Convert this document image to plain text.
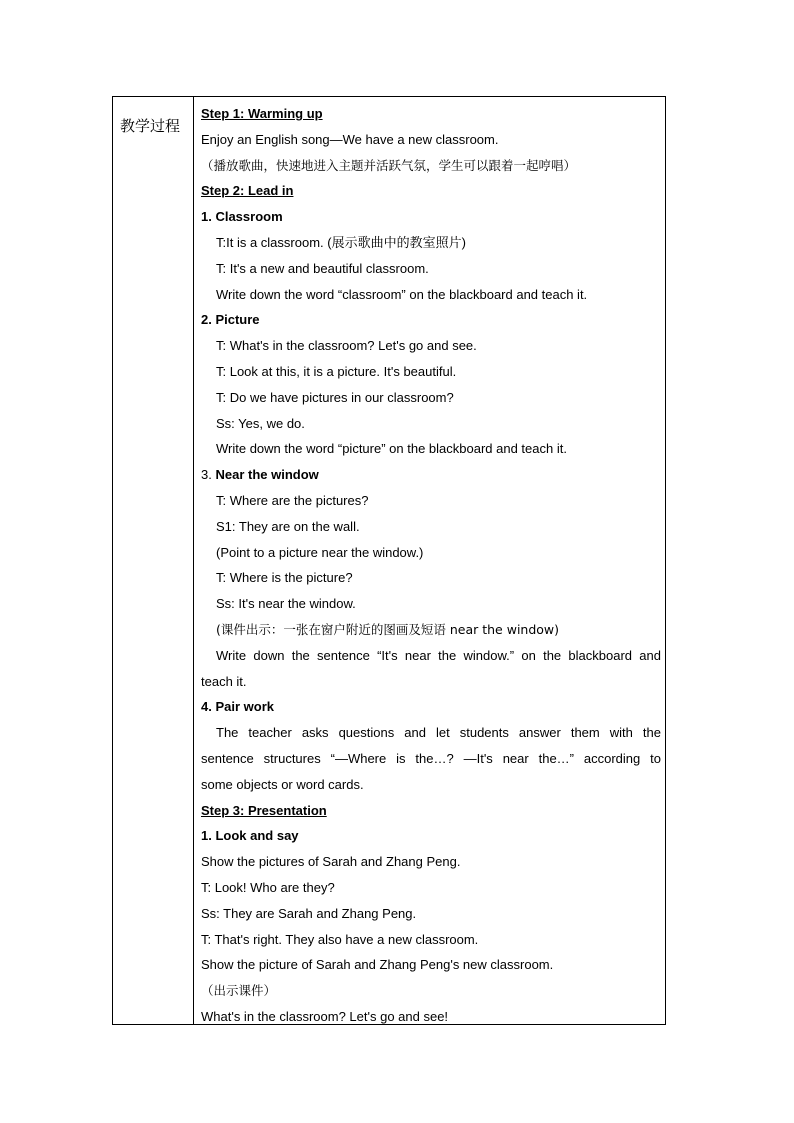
教学过程
Step 1: Warming up
Enjoy an English song—We have a new classroom.
（播放歌曲，快速地进入主题并活跃气氛，学生可以跟着一起哼唱）
Step 2: Lead in
1. Classroom
T:It is a classroom. (展示歌曲中的教室照片)
T: It's a new and beautiful classroom.
Write down the word “classroom” on the blackboard and teach it.
2. Picture
T: What's in the classroom? Let's go and see.
T: Look at this, it is a picture. It's beautiful.
T: Do we have pictures in our classroom?
Ss: Yes, we do.
Write down the word “picture” on the blackboard and teach it.
3. Near the window
T: Where are the pictures?
S1: They are on the wall.
(Point to a picture near the window.)
T: Where is the picture?
Ss: It's near the window.
(课件出示：一张在窗户附近的图画及短语 near the window)
Write down the sentence “It's near the window.” on the blackboard and
teach it.
4. Pair work
The teacher asks questions and let students answer them with the
sentence structures “—Where is the…? —It's near the…” according to
some objects or word cards.
Step 3: Presentation
1. Look and say
Show the pictures of Sarah and Zhang Peng.
T: Look! Who are they?
Ss: They are Sarah and Zhang Peng.
T: That's right. They also have a new classroom.
Show the picture of Sarah and Zhang Peng's new classroom.
（出示课件）
What's in the classroom? Let's go and see!
